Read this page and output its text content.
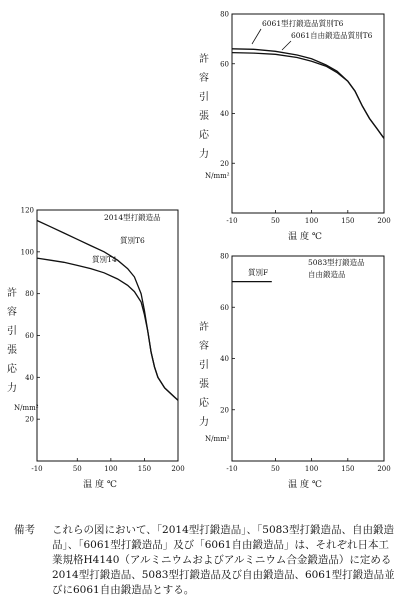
-10	50	100	150	200
20
40
60
80
許
容
引
張
応
力
N/mm²
温 度 ℃
6061型打鍛造品質別T6
6061自由鍛造品質別T6
-10	50	100	150	200
20
40
60
80
100
120
許
容
引
張
応
力
N/mm²
温 度 ℃
2014型打鍛造品
質別T6
質別T4
-10	50	100	150	200
20
40
60
80
許
容
引
張
応
力
N/mm²
温 度 ℃
5083型打鍛造品
自由鍛造品
質別F
備考 これらの図において、「2014型打鍛造品」、「5083型打鍛造品、自由鍛造品」、「6061型打鍛造品」及び「6061自由鍛造品」は、それぞれ日本工業規格H4140（アルミニウムおよびアルミニウム合金鍛造品）に定める2014型打鍛造品、5083型打鍛造品及び自由鍛造品、6061型打鍛造品並びに6061自由鍛造品とする。
